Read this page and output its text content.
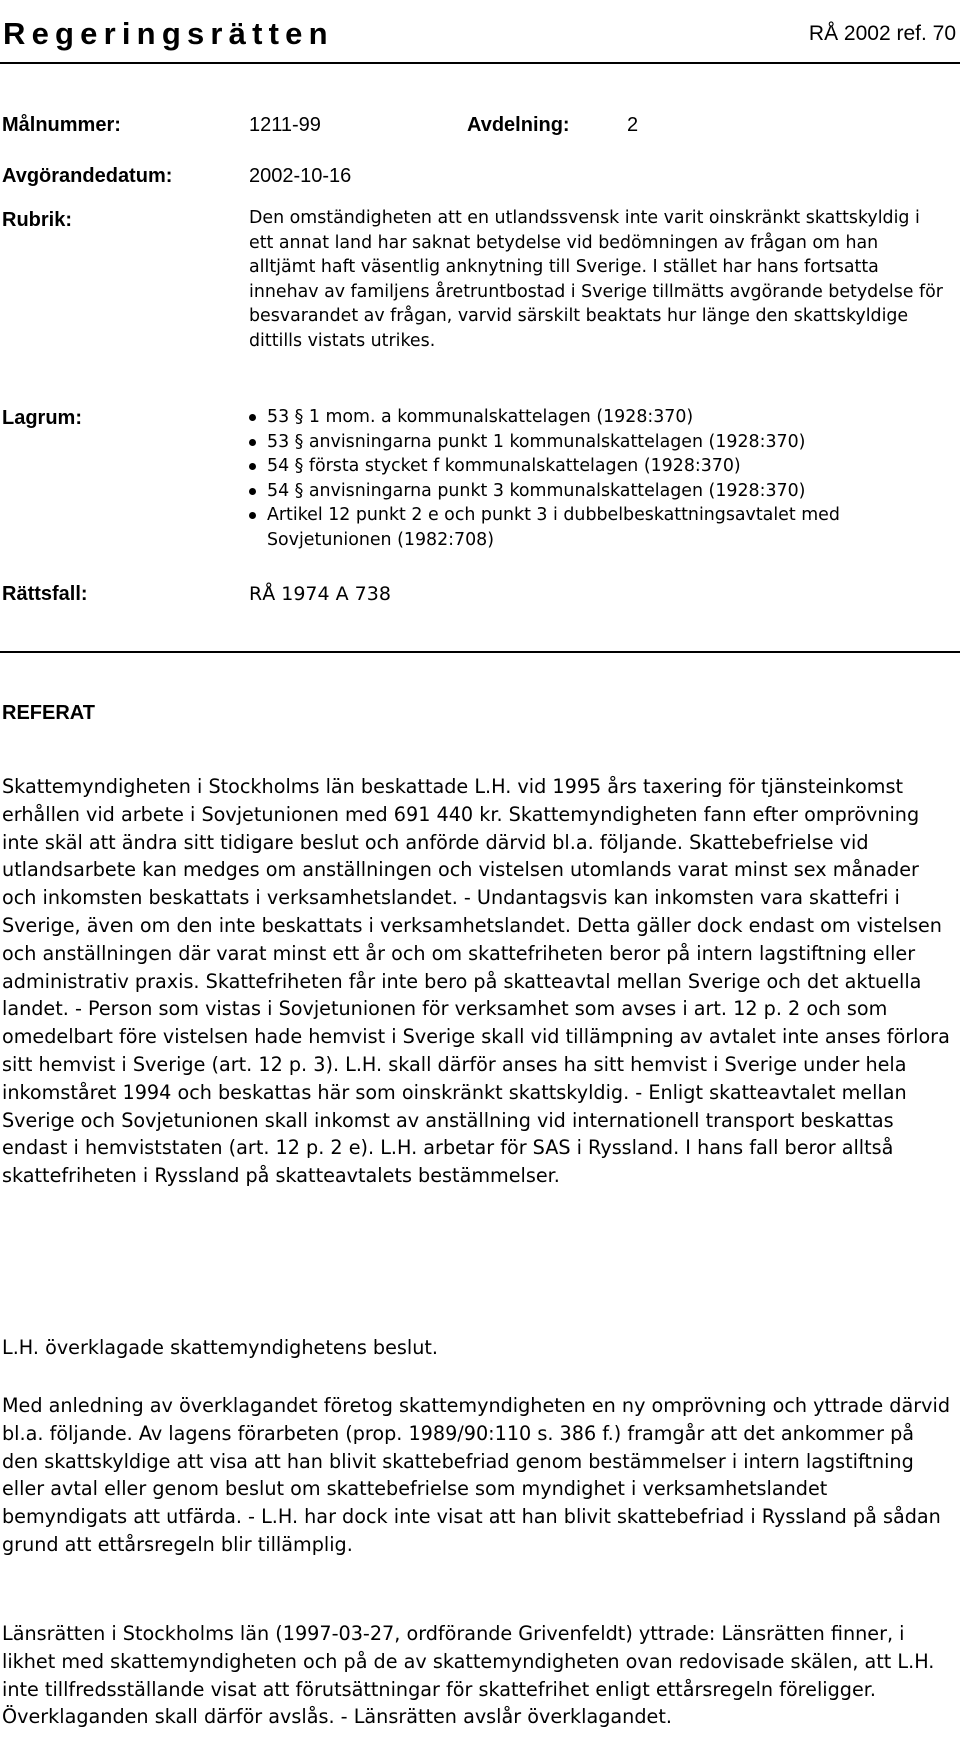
Regeringsrätten	RÅ 2002 ref. 70
Målnummer:	1211-99	Avdelning:	2
Avgörandedatum:	2002-10-16
Rubrik:	Den omständigheten att en utlandssvensk inte varit oinskränkt skattskyldig i ett annat land har saknat betydelse vid bedömningen av frågan om han alltjämt haft väsentlig anknytning till Sverige. I stället har hans fortsatta innehav av familjens åretruntbostad i Sverige tillmätts avgörande betydelse för besvarandet av frågan, varvid särskilt beaktats hur länge den skattskyldige dittills vistats utrikes.
Lagrum:	53 § 1 mom. a kommunalskattelagen (1928:370)
53 § anvisningarna punkt 1 kommunalskattelagen (1928:370)
54 § första stycket f kommunalskattelagen (1928:370)
54 § anvisningarna punkt 3 kommunalskattelagen (1928:370)
Artikel 12 punkt 2 e och punkt 3 i dubbelbeskattningsavtalet med Sovjetunionen (1982:708)
Rättsfall:	RÅ 1974 A 738
REFERAT

Skattemyndigheten i Stockholms län beskattade L.H. vid 1995 års taxering för tjänsteinkomst erhållen vid arbete i Sovjetunionen med 691 440 kr. Skattemyndigheten fann efter omprövning inte skäl att ändra sitt tidigare beslut och anförde därvid bl.a. följande. Skattebefrielse vid utlandsarbete kan medges om anställningen och vistelsen utomlands varat minst sex månader och inkomsten beskattats i verksamhetslandet. - Undantagsvis kan inkomsten vara skattefri i Sverige, även om den inte beskattats i verksamhetslandet. Detta gäller dock endast om vistelsen och anställningen där varat minst ett år och om skattefriheten beror på intern lagstiftning eller administrativ praxis. Skattefriheten får inte bero på skatteavtal mellan Sverige och det aktuella landet. - Person som vistas i Sovjetunionen för verksamhet som avses i art. 12 p. 2 och som omedelbart före vistelsen hade hemvist i Sverige skall vid tillämpning av avtalet inte anses förlora sitt hemvist i Sverige (art. 12 p. 3). L.H. skall därför anses ha sitt hemvist i Sverige under hela inkomståret 1994 och beskattas här som oinskränkt skattskyldig. - Enligt skatteavtalet mellan Sverige och Sovjetunionen skall inkomst av anställning vid internationell transport beskattas endast i hemviststaten (art. 12 p. 2 e). L.H. arbetar för SAS i Ryssland. I hans fall beror alltså skattefriheten i Ryssland på skatteavtalets bestämmelser.

L.H. överklagade skattemyndighetens beslut.

Med anledning av överklagandet företog skattemyndigheten en ny omprövning och yttrade därvid bl.a. följande. Av lagens förarbeten (prop. 1989/90:110 s. 386 f.) framgår att det ankommer på den skattskyldige att visa att han blivit skattebefriad genom bestämmelser i intern lagstiftning eller avtal eller genom beslut om skattebefrielse som myndighet i verksamhetslandet bemyndigats att utfärda. - L.H. har dock inte visat att han blivit skattebefriad i Ryssland på sådan grund att ettårsregeln blir tillämplig.

Länsrätten i Stockholms län (1997-03-27, ordförande Grivenfeldt) yttrade: Länsrätten finner, i likhet med skattemyndigheten och på de av skattemyndigheten ovan redovisade skälen, att L.H. inte tillfredsställande visat att förutsättningar för skattefrihet enligt ettårsregeln föreligger. Överklaganden skall därför avslås. - Länsrätten avslår överklagandet.
